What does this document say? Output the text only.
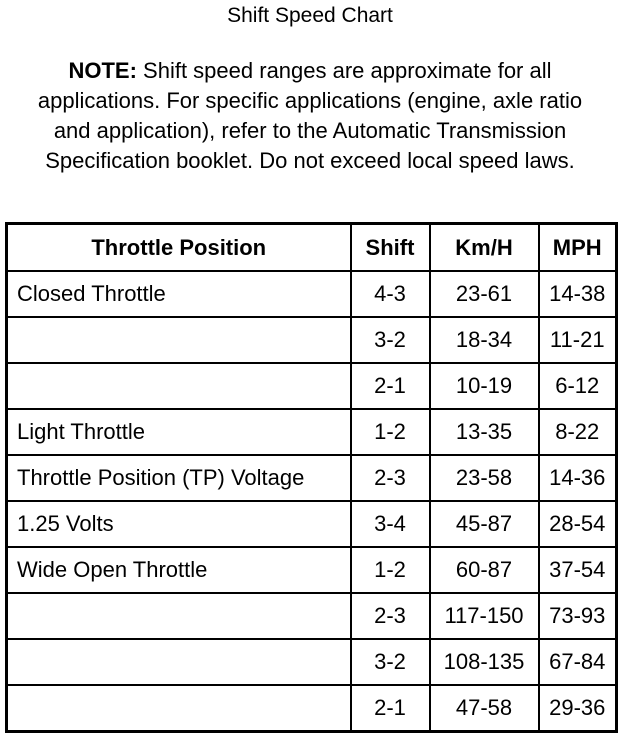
Shift Speed Chart
NOTE: Shift speed ranges are approximate for all applications. For specific applications (engine, axle ratio and application), refer to the Automatic Transmission Specification booklet. Do not exceed local speed laws.
Throttle Position	Shift	Km/H	MPH
Closed Throttle	4-3	23-61	14-38
	3-2	18-34	11-21
	2-1	10-19	6-12
Light Throttle	1-2	13-35	8-22
Throttle Position (TP) Voltage	2-3	23-58	14-36
1.25 Volts	3-4	45-87	28-54
Wide Open Throttle	1-2	60-87	37-54
	2-3	117-150	73-93
	3-2	108-135	67-84
	2-1	47-58	29-36
